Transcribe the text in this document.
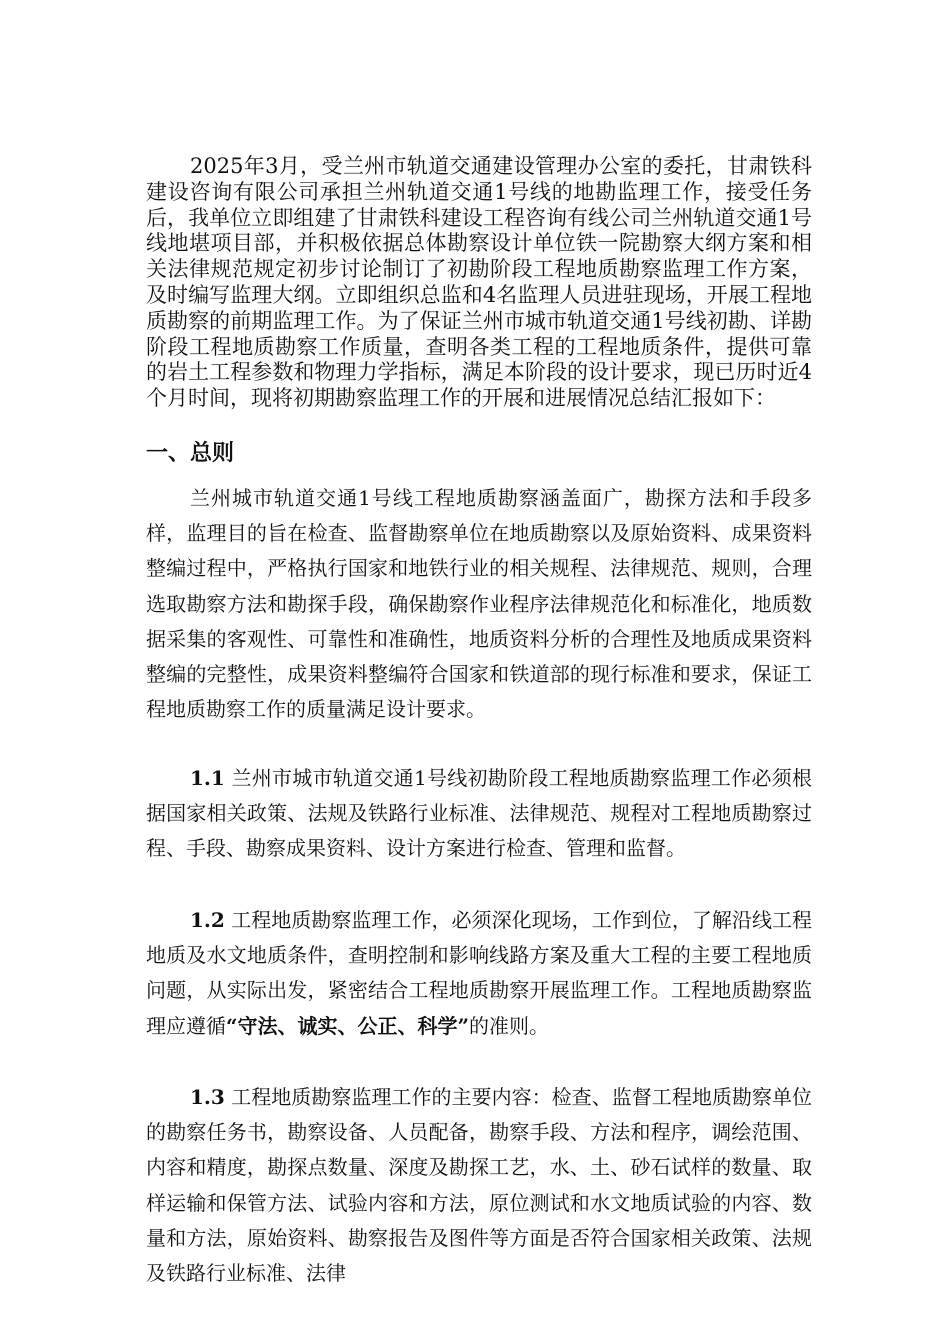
2025年3月，受兰州市轨道交通建设管理办公室的委托，甘肃铁科建设咨询有限公司承担兰州轨道交通1号线的地勘监理工作，接受任务后，我单位立即组建了甘肃铁科建设工程咨询有线公司兰州轨道交通1号线地堪项目部，并积极依据总体勘察设计单位铁一院勘察大纲方案和相关法律规范规定初步讨论制订了初勘阶段工程地质勘察监理工作方案，及时编写监理大纲。立即组织总监和4名监理人员进驻现场，开展工程地质勘察的前期监理工作。为了保证兰州市城市轨道交通1号线初勘、详勘阶段工程地质勘察工作质量，查明各类工程的工程地质条件，提供可靠的岩土工程参数和物理力学指标，满足本阶段的设计要求，现已历时近4个月时间，现将初期勘察监理工作的开展和进展情况总结汇报如下：

一、总则

兰州城市轨道交通1号线工程地质勘察涵盖面广，勘探方法和手段多样，监理目的旨在检查、监督勘察单位在地质勘察以及原始资料、成果资料整编过程中，严格执行国家和地铁行业的相关规程、法律规范、规则，合理选取勘察方法和勘探手段，确保勘察作业程序法律规范化和标准化，地质数据采集的客观性、可靠性和准确性，地质资料分析的合理性及地质成果资料整编的完整性，成果资料整编符合国家和铁道部的现行标准和要求，保证工程地质勘察工作的质量满足设计要求。

1.1 兰州市城市轨道交通1号线初勘阶段工程地质勘察监理工作必须根据国家相关政策、法规及铁路行业标准、法律规范、规程对工程地质勘察过程、手段、勘察成果资料、设计方案进行检查、管理和监督。

1.2 工程地质勘察监理工作，必须深化现场，工作到位，了解沿线工程地质及水文地质条件，查明控制和影响线路方案及重大工程的主要工程地质问题，从实际出发，紧密结合工程地质勘察开展监理工作。工程地质勘察监理应遵循“守法、诚实、公正、科学”的准则。

1.3 工程地质勘察监理工作的主要内容：检查、监督工程地质勘察单位的勘察任务书，勘察设备、人员配备，勘察手段、方法和程序，调绘范围、内容和精度，勘探点数量、深度及勘探工艺，水、土、砂石试样的数量、取样运输和保管方法、试验内容和方法，原位测试和水文地质试验的内容、数量和方法，原始资料、勘察报告及图件等方面是否符合国家相关政策、法规及铁路行业标准、法律
